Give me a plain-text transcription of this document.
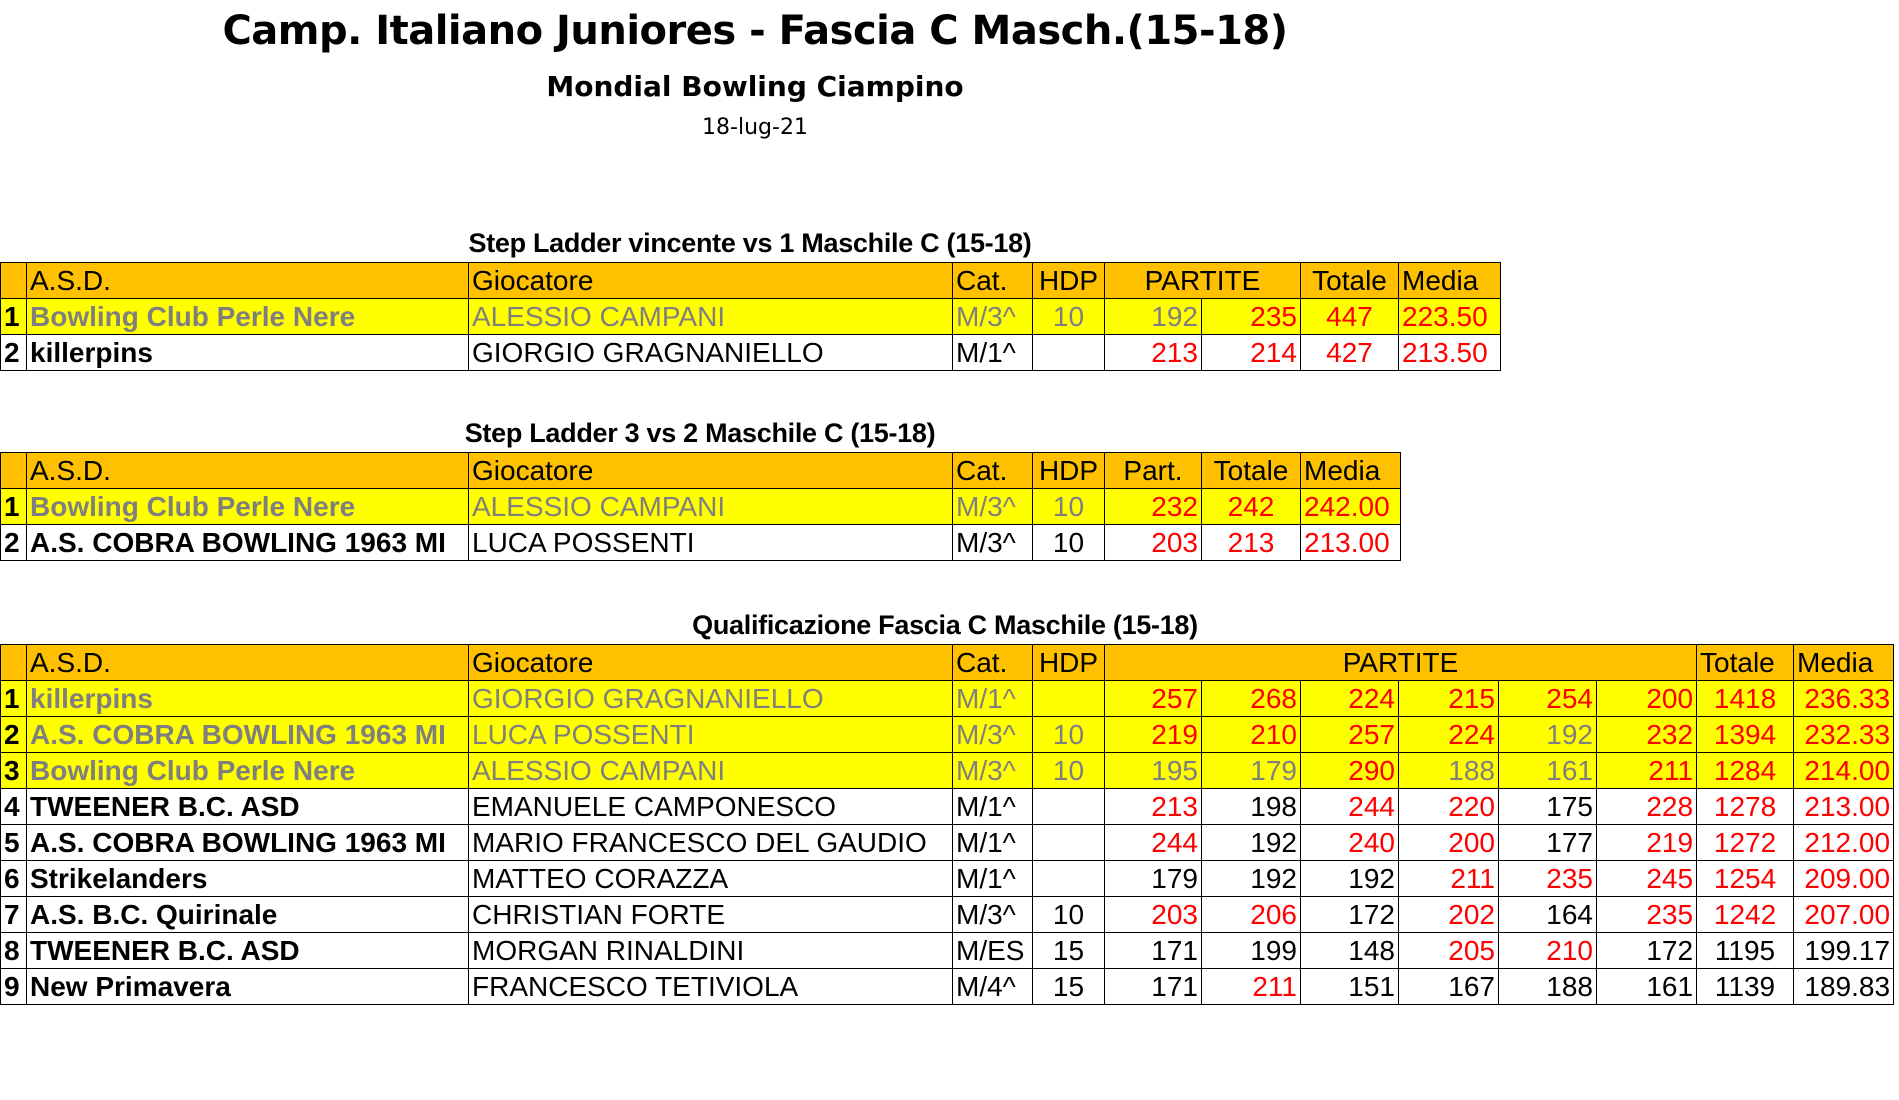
Camp. Italiano Juniores - Fascia C Masch.(15-18)
Mondial Bowling Ciampino
18-lug-21
Step Ladder vincente vs 1 Maschile C (15-18)
	A.S.D.	Giocatore	Cat.	HDP	PARTITE		Totale	Media
1	Bowling Club Perle Nere	ALESSIO CAMPANI	M/3^	10	192	235	447	223.50
2	killerpins	GIORGIO GRAGNANIELLO	M/1^		213	214	427	213.50
Step Ladder 3 vs 2 Maschile C (15-18)
	A.S.D.	Giocatore	Cat.	HDP	Part.	Totale	Media
1	Bowling Club Perle Nere	ALESSIO CAMPANI	M/3^	10	232	242	242.00
2	A.S. COBRA BOWLING 1963 MI	LUCA POSSENTI	M/3^	10	203	213	213.00
Qualificazione Fascia C Maschile (15-18)
	A.S.D.	Giocatore	Cat.	HDP	PARTITE						Totale	Media
1	killerpins	GIORGIO GRAGNANIELLO	M/1^		257	268	224	215	254	200	1418	236.33
2	A.S. COBRA BOWLING 1963 MI	LUCA POSSENTI	M/3^	10	219	210	257	224	192	232	1394	232.33
3	Bowling Club Perle Nere	ALESSIO CAMPANI	M/3^	10	195	179	290	188	161	211	1284	214.00
4	TWEENER B.C. ASD	EMANUELE CAMPONESCO	M/1^		213	198	244	220	175	228	1278	213.00
5	A.S. COBRA BOWLING 1963 MI	MARIO FRANCESCO DEL GAUDIO	M/1^		244	192	240	200	177	219	1272	212.00
6	Strikelanders	MATTEO CORAZZA	M/1^		179	192	192	211	235	245	1254	209.00
7	A.S. B.C. Quirinale	CHRISTIAN FORTE	M/3^	10	203	206	172	202	164	235	1242	207.00
8	TWEENER B.C. ASD	MORGAN RINALDINI	M/ES	15	171	199	148	205	210	172	1195	199.17
9	New Primavera	FRANCESCO TETIVIOLA	M/4^	15	171	211	151	167	188	161	1139	189.83
